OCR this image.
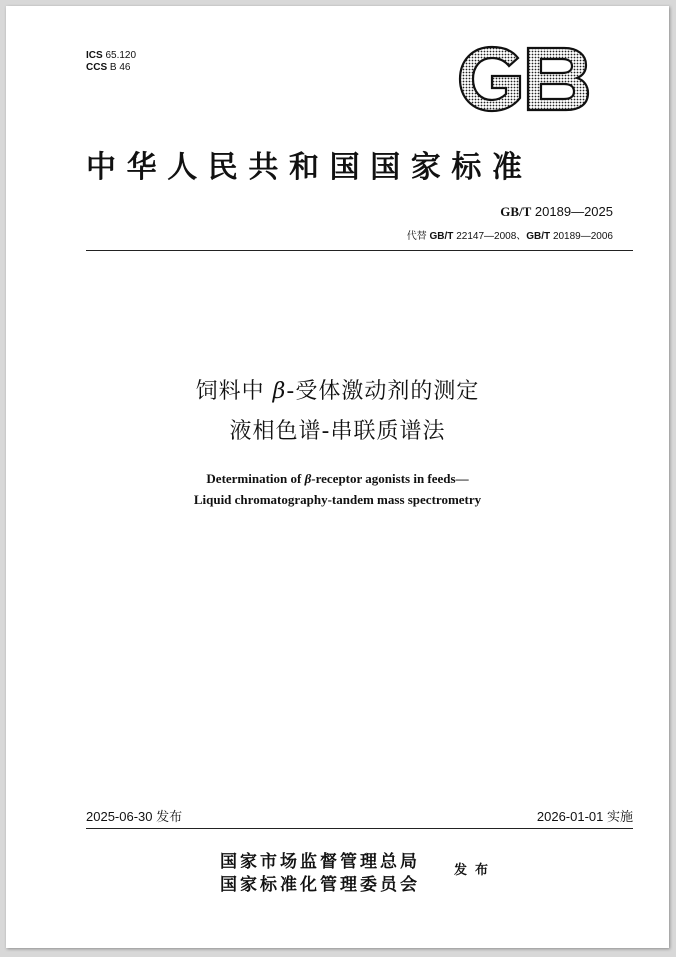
ICS 65.120
CCS B 46
中华人民共和国国家标准
GB/T 20189—2025
代替 GB/T 22147—2008、GB/T 20189—2006
饲料中 β-受体激动剂的测定
液相色谱-串联质谱法
Determination of β-receptor agonists in feeds—
Liquid chromatography-tandem mass spectrometry
2025-06-30 发布	2026-01-01 实施
国家市场监督管理总局
国家标准化管理委员会
发布
